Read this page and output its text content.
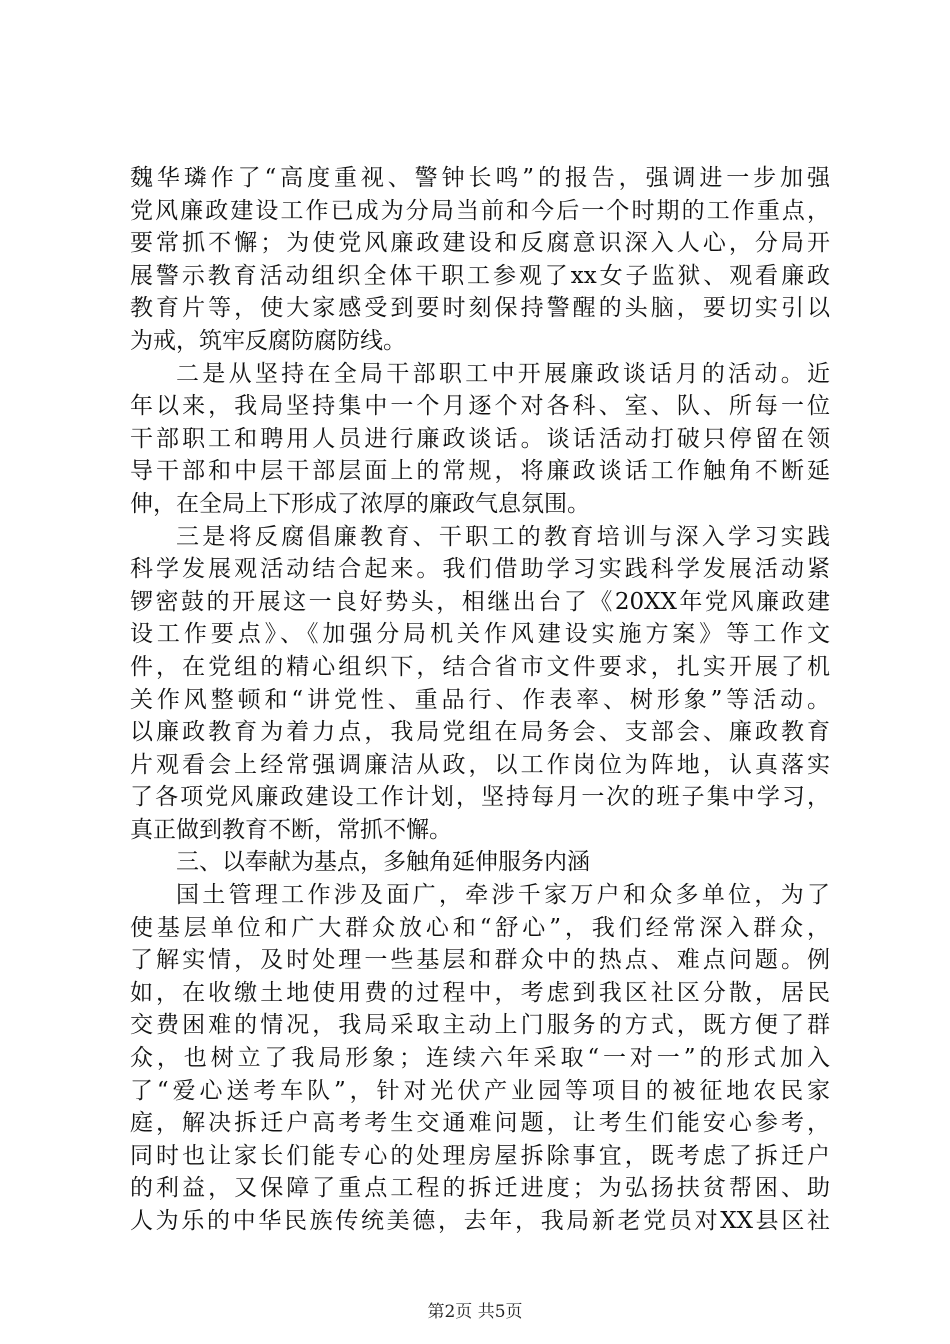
魏华璘作了“高度重视、警钟长鸣”的报告，强调进一步加强
党风廉政建设工作已成为分局当前和今后一个时期的工作重点，
要常抓不懈；为使党风廉政建设和反腐意识深入人心，分局开
展警示教育活动组织全体干职工参观了xx女子监狱、观看廉政
教育片等，使大家感受到要时刻保持警醒的头脑，要切实引以
为戒，筑牢反腐防腐防线。
二是从坚持在全局干部职工中开展廉政谈话月的活动。近
年以来，我局坚持集中一个月逐个对各科、室、队、所每一位
干部职工和聘用人员进行廉政谈话。谈话活动打破只停留在领
导干部和中层干部层面上的常规，将廉政谈话工作触角不断延
伸，在全局上下形成了浓厚的廉政气息氛围。
三是将反腐倡廉教育、干职工的教育培训与深入学习实践
科学发展观活动结合起来。我们借助学习实践科学发展活动紧
锣密鼓的开展这一良好势头，相继出台了《20XX年党风廉政建
设工作要点》、《加强分局机关作风建设实施方案》等工作文
件，在党组的精心组织下，结合省市文件要求，扎实开展了机
关作风整顿和“讲党性、重品行、作表率、树形象”等活动。
以廉政教育为着力点，我局党组在局务会、支部会、廉政教育
片观看会上经常强调廉洁从政，以工作岗位为阵地，认真落实
了各项党风廉政建设工作计划，坚持每月一次的班子集中学习，
真正做到教育不断，常抓不懈。
三、以奉献为基点，多触角延伸服务内涵
国土管理工作涉及面广，牵涉千家万户和众多单位，为了
使基层单位和广大群众放心和“舒心”，我们经常深入群众，
了解实情，及时处理一些基层和群众中的热点、难点问题。例
如，在收缴土地使用费的过程中，考虑到我区社区分散，居民
交费困难的情况，我局采取主动上门服务的方式，既方便了群
众，也树立了我局形象；连续六年采取“一对一”的形式加入
了“爱心送考车队”，针对光伏产业园等项目的被征地农民家
庭，解决拆迁户高考考生交通难问题，让考生们能安心参考，
同时也让家长们能专心的处理房屋拆除事宜，既考虑了拆迁户
的利益，又保障了重点工程的拆迁进度；为弘扬扶贫帮困、助
人为乐的中华民族传统美德，去年，我局新老党员对XX县区社
第2页 共5页
